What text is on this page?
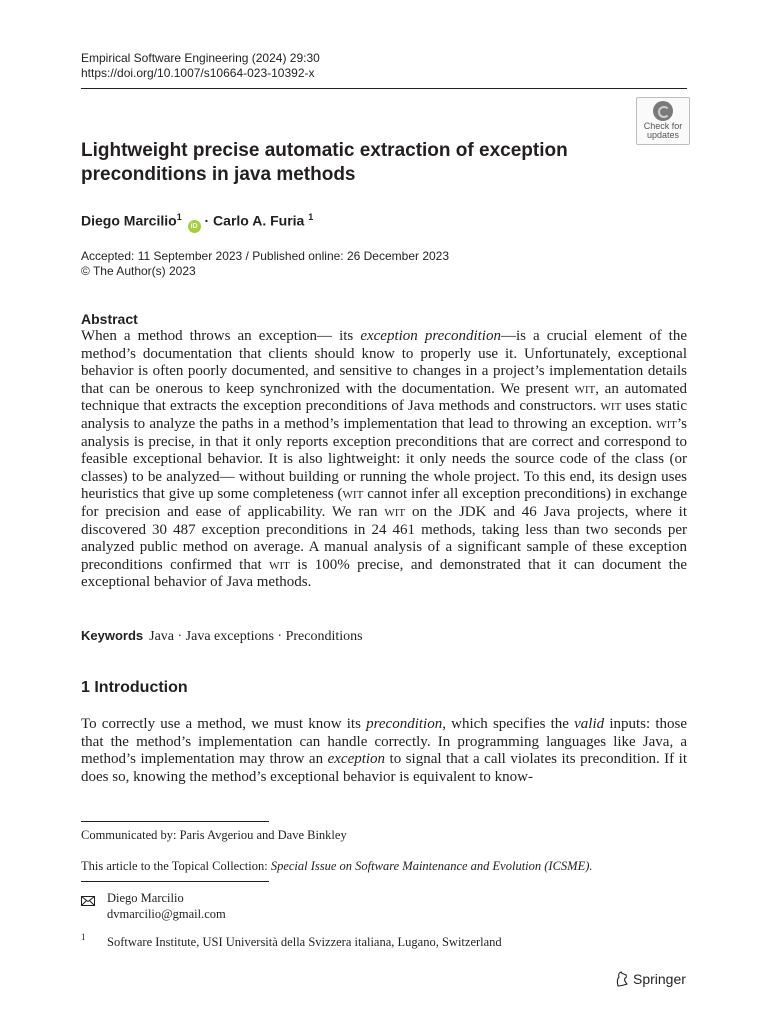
Empirical Software Engineering (2024) 29:30
https://doi.org/10.1007/s10664-023-10392-x
Check for
updates
Lightweight precise automatic extraction of exception preconditions in java methods
Diego Marcilio$^1$ iD · Carlo A. Furia $^1$
Accepted: 11 September 2023 / Published online: 26 December 2023
© The Author(s) 2023
Abstract
When a method throws an exception— its exception precondition—is a crucial element of the method’s documentation that clients should know to properly use it. Unfortunately, exceptional behavior is often poorly documented, and sensitive to changes in a project’s implementation details that can be onerous to keep synchronized with the documentation. We present wit, an automated technique that extracts the exception preconditions of Java methods and constructors. wit uses static analysis to analyze the paths in a method’s implementation that lead to throwing an exception. wit’s analysis is precise, in that it only reports exception preconditions that are correct and correspond to feasible exceptional behavior. It is also lightweight: it only needs the source code of the class (or classes) to be analyzed— without building or running the whole project. To this end, its design uses heuristics that give up some completeness (wit cannot infer all exception preconditions) in exchange for precision and ease of applicability. We ran wit on the JDK and 46 Java projects, where it discovered 30 487 exception preconditions in 24 461 methods, taking less than two seconds per analyzed public method on average. A manual analysis of a significant sample of these exception preconditions confirmed that wit is 100% precise, and demonstrated that it can document the exceptional behavior of Java methods.
Keywords Java · Java exceptions · Preconditions
1 Introduction
To correctly use a method, we must know its precondition, which specifies the valid inputs: those that the method’s implementation can handle correctly. In programming languages like Java, a method’s implementation may throw an exception to signal that a call violates its precondition. If it does so, knowing the method’s exceptional behavior is equivalent to know-
Communicated by: Paris Avgeriou and Dave Binkley
This article to the Topical Collection: Special Issue on Software Maintenance and Evolution (ICSME).
Diego Marcilio
dvmarcilio@gmail.com
1 Software Institute, USI Università della Svizzera italiana, Lugano, Switzerland
Springer
